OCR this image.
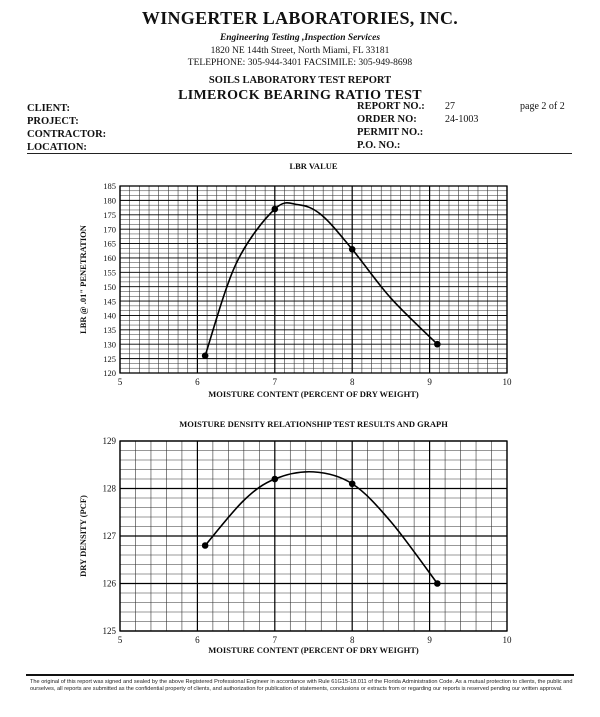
WINGERTER LABORATORIES, INC.
Engineering Testing ,Inspection Services
1820 NE 144th Street, North Miami, FL 33181
TELEPHONE: 305-944-3401 FACSIMILE: 305-949-8698
SOILS LABORATORY TEST REPORT
LIMEROCK BEARING RATIO TEST
CLIENT:
PROJECT:
CONTRACTOR:
LOCATION:
REPORT NO.: 27	page 2 of 2
ORDER NO:	24-1003
PERMIT NO.:
P.O. NO.:
LBR VALUE
5	6	7	8	9	10
120
125
130
135
140
145
150
155
160
165
170
175
180
185
LBR @ .01" PENETRATION
MOISTURE CONTENT (PERCENT OF DRY WEIGHT)
MOISTURE DENSITY RELATIONSHIP TEST RESULTS AND GRAPH
5	6	7	8	9	10
125
126
127
128
129
DRY DENSITY (PCF)
MOISTURE CONTENT (PERCENT OF DRY WEIGHT)
The original of this report was signed and sealed by the above Registered Professional Engineer in accordance with Rule 61G15-18.011 of the Florida Administration Code. As a mutual protection to clients, the public and ourselves, all reports are submitted as the confidential property of clients, and authorization for publication of statements, conclusions or extracts from or regarding our reports is reserved pending our written approval.
